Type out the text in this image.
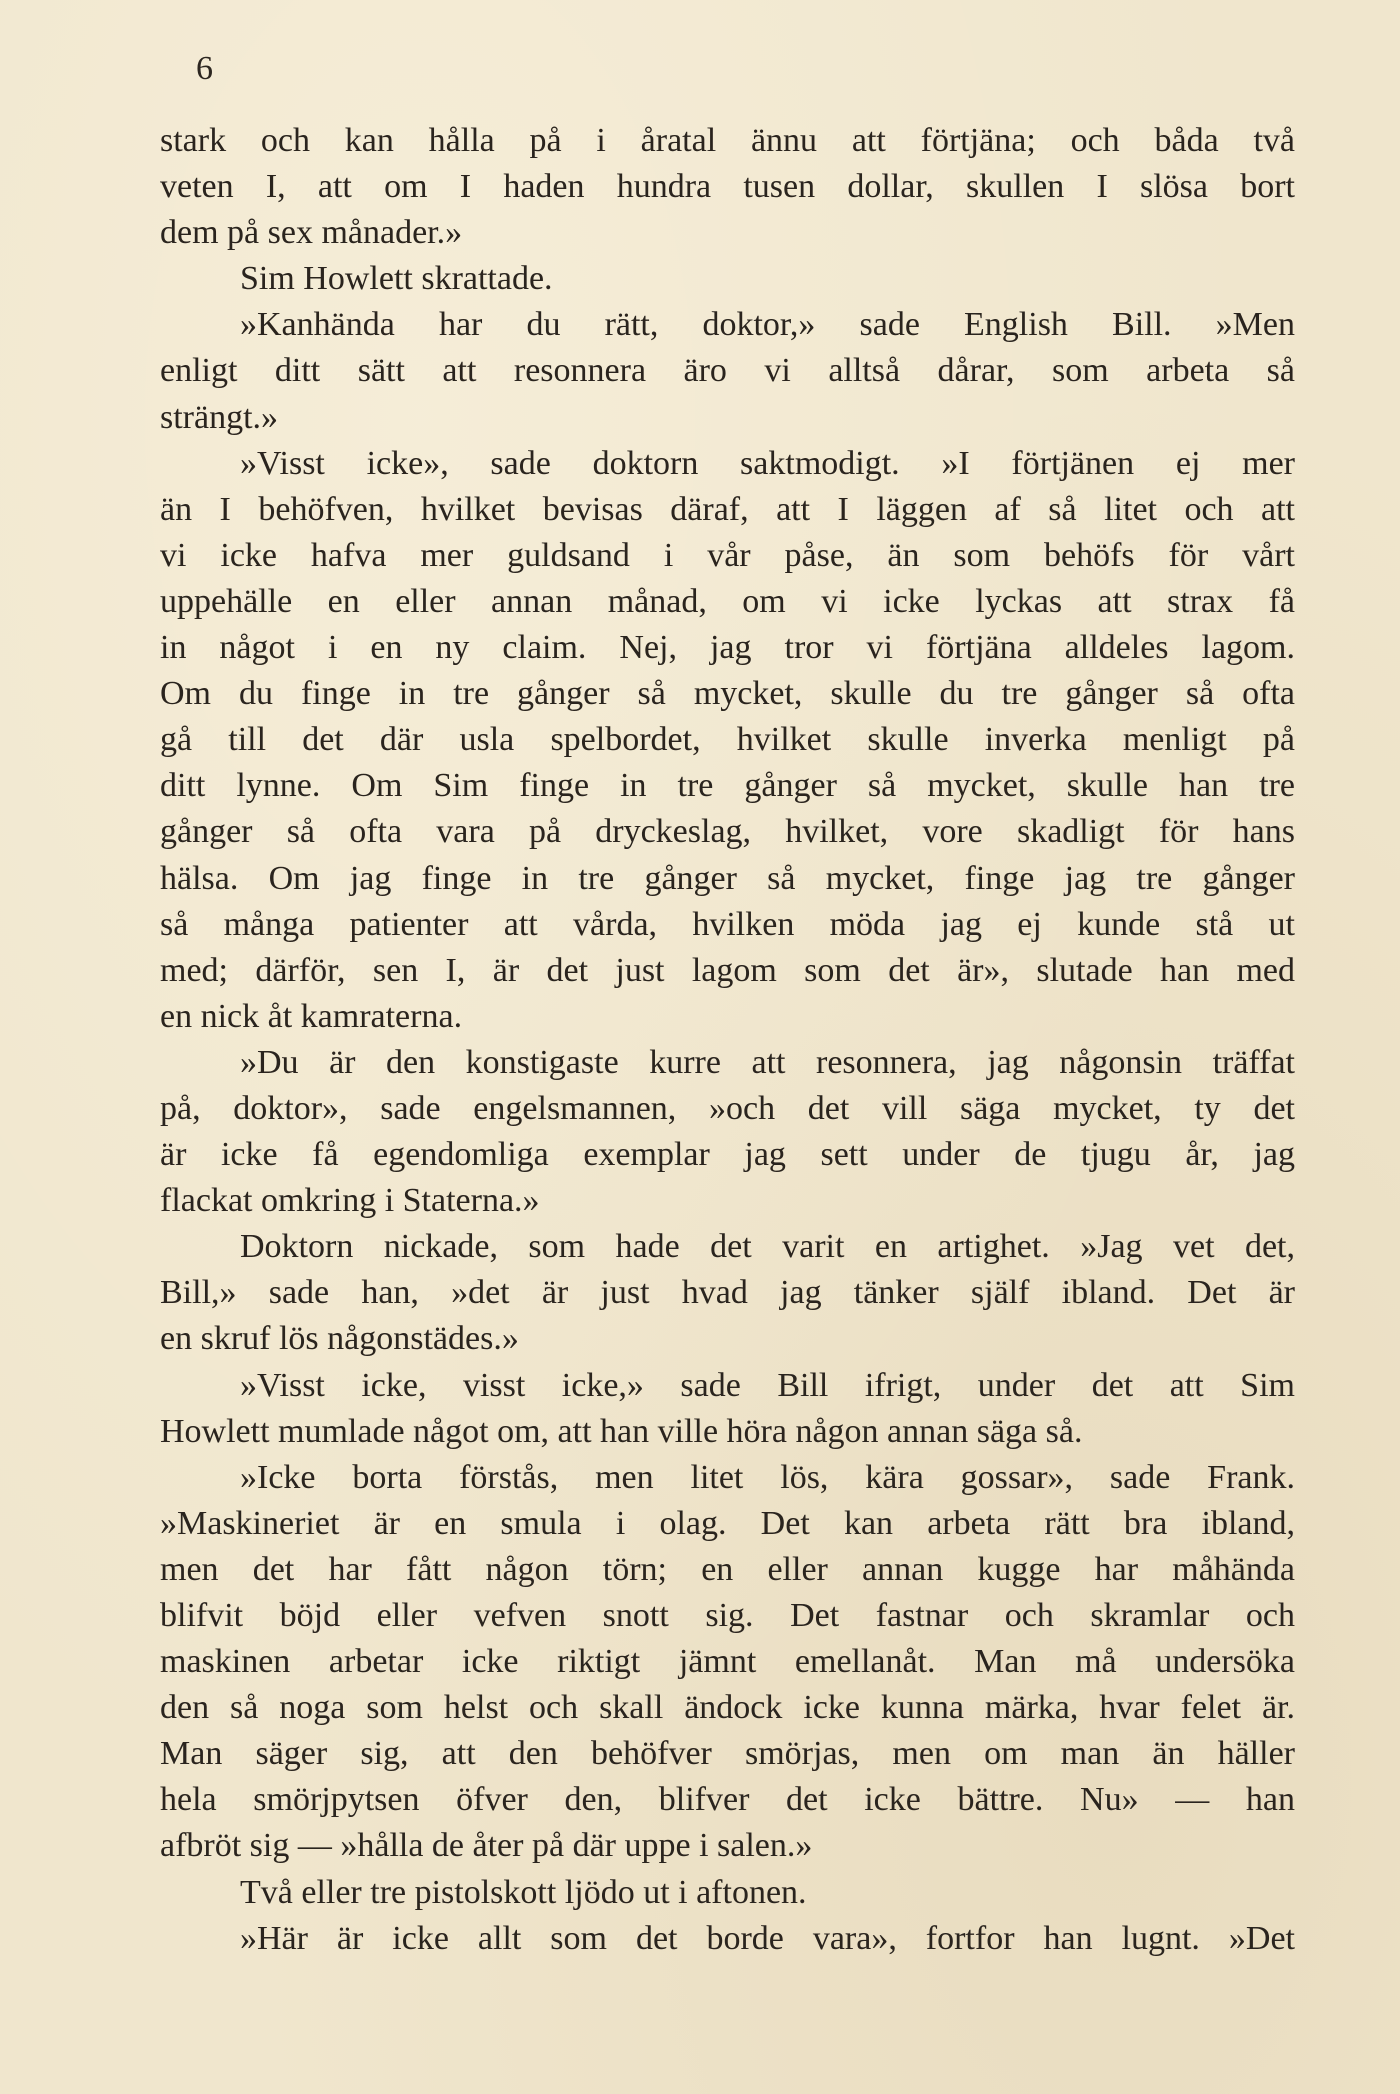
6
stark och kan hålla på i åratal ännu att förtjäna; och båda två
veten I, att om I haden hundra tusen dollar, skullen I slösa bort
dem på sex månader.»
Sim Howlett skrattade.
»Kanhända har du rätt, doktor,» sade English Bill. »Men
enligt ditt sätt att resonnera äro vi alltså dårar, som arbeta så
strängt.»
»Visst icke», sade doktorn saktmodigt. »I förtjänen ej mer
än I behöfven, hvilket bevisas däraf, att I läggen af så litet och att
vi icke hafva mer guldsand i vår påse, än som behöfs för vårt
uppehälle en eller annan månad, om vi icke lyckas att strax få
in något i en ny claim. Nej, jag tror vi förtjäna alldeles lagom.
Om du finge in tre gånger så mycket, skulle du tre gånger så ofta
gå till det där usla spelbordet, hvilket skulle inverka menligt på
ditt lynne. Om Sim finge in tre gånger så mycket, skulle han tre
gånger så ofta vara på dryckeslag, hvilket, vore skadligt för hans
hälsa. Om jag finge in tre gånger så mycket, finge jag tre gånger
så många patienter att vårda, hvilken möda jag ej kunde stå ut
med; därför, sen I, är det just lagom som det är», slutade han med
en nick åt kamraterna.
»Du är den konstigaste kurre att resonnera, jag någonsin träffat
på, doktor», sade engelsmannen, »och det vill säga mycket, ty det
är icke få egendomliga exemplar jag sett under de tjugu år, jag
flackat omkring i Staterna.»
Doktorn nickade, som hade det varit en artighet. »Jag vet det,
Bill,» sade han, »det är just hvad jag tänker själf ibland. Det är
en skruf lös någonstädes.»
»Visst icke, visst icke,» sade Bill ifrigt, under det att Sim
Howlett mumlade något om, att han ville höra någon annan säga så.
»Icke borta förstås, men litet lös, kära gossar», sade Frank.
»Maskineriet är en smula i olag. Det kan arbeta rätt bra ibland,
men det har fått någon törn; en eller annan kugge har måhända
blifvit böjd eller vefven snott sig. Det fastnar och skramlar och
maskinen arbetar icke riktigt jämnt emellanåt. Man må undersöka
den så noga som helst och skall ändock icke kunna märka, hvar felet är.
Man säger sig, att den behöfver smörjas, men om man än häller
hela smörjpytsen öfver den, blifver det icke bättre. Nu» — han
afbröt sig — »hålla de åter på där uppe i salen.»
Två eller tre pistolskott ljödo ut i aftonen.
»Här är icke allt som det borde vara», fortfor han lugnt. »Det
